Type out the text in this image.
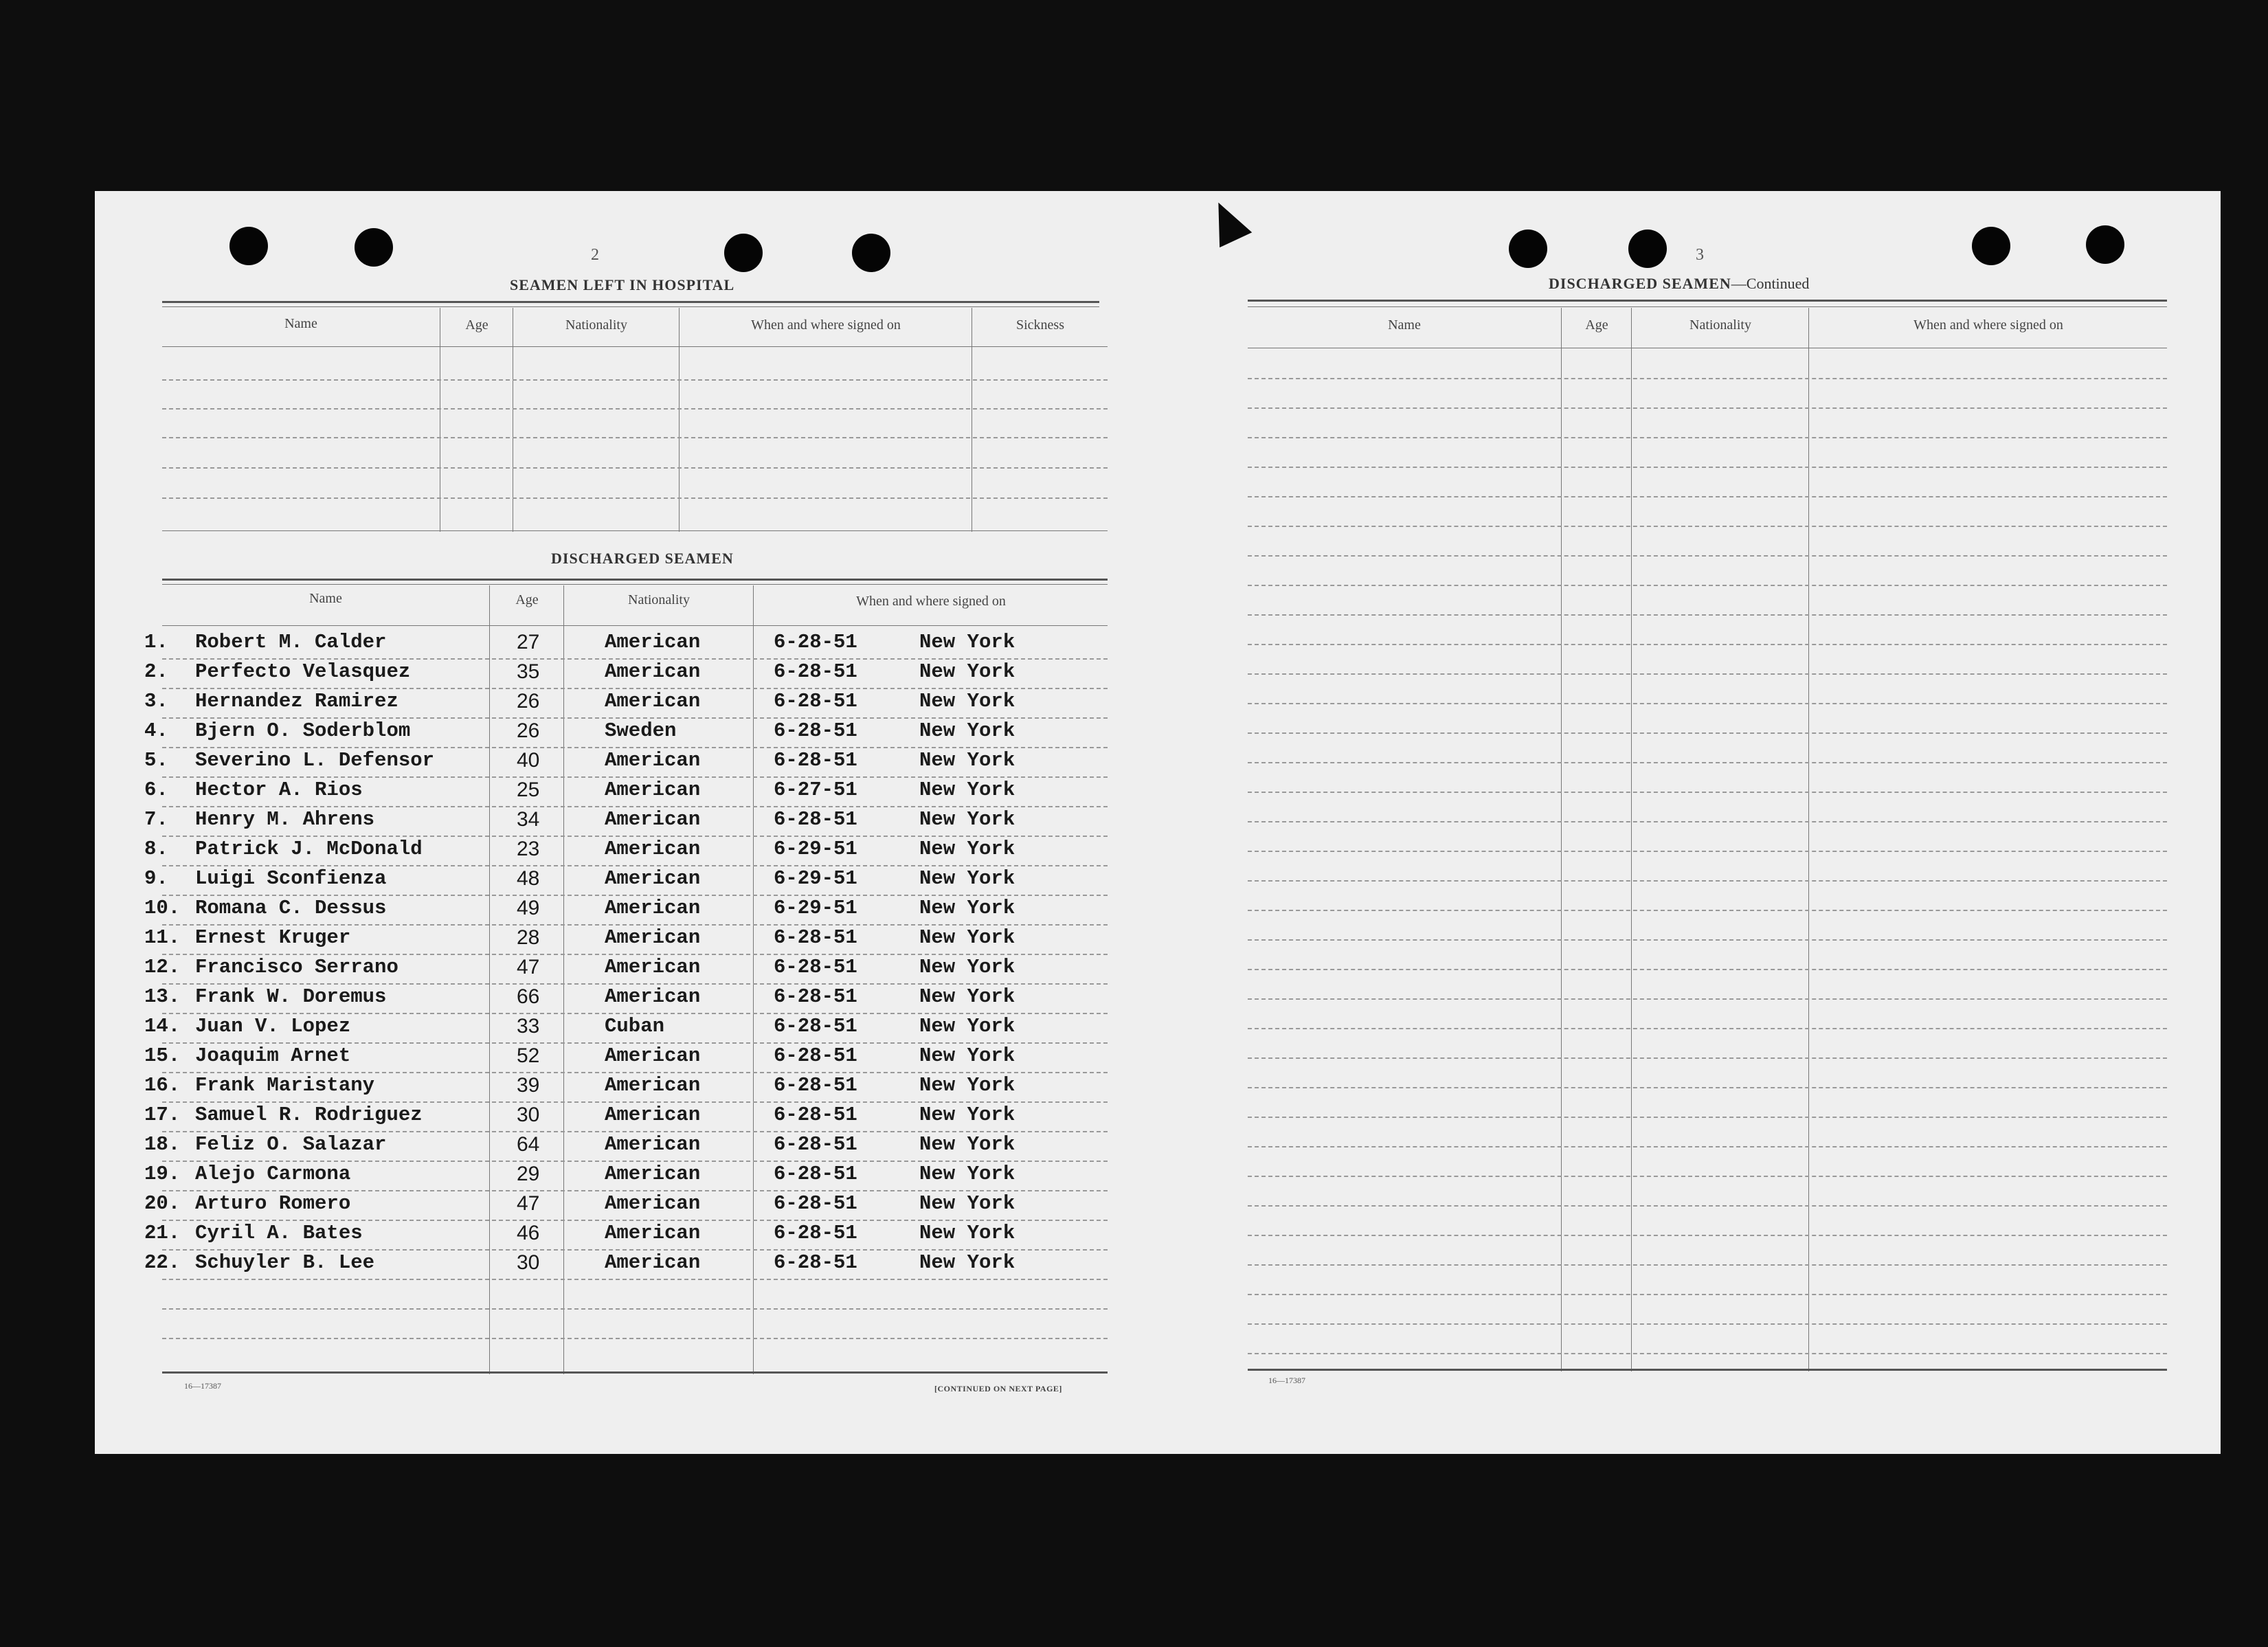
2
SEAMEN LEFT IN HOSPITAL
Name	Age	Nationality	When and where signed on	Sickness
DISCHARGED SEAMEN
Name	Age	Nationality	When and where signed on
1. Robert M. Calder	27	American	6-28-51	New York
2. Perfecto Velasquez	35	American	6-28-51	New York
3. Hernandez Ramirez	26	American	6-28-51	New York
4. Bjern O. Soderblom	26	Sweden	6-28-51	New York
5. Severino L. Defensor	40	American	6-28-51	New York
6. Hector A. Rios	25	American	6-27-51	New York
7. Henry M. Ahrens	34	American	6-28-51	New York
8. Patrick J. McDonald	23	American	6-29-51	New York
9. Luigi Sconfienza	48	American	6-29-51	New York
10. Romana C. Dessus	49	American	6-29-51	New York
11. Ernest Kruger	28	American	6-28-51	New York
12. Francisco Serrano	47	American	6-28-51	New York
13. Frank W. Doremus	66	American	6-28-51	New York
14. Juan V. Lopez	33	Cuban	6-28-51	New York
15. Joaquim Arnet	52	American	6-28-51	New York
16. Frank Maristany	39	American	6-28-51	New York
17. Samuel R. Rodriguez	30	American	6-28-51	New York
18. Feliz O. Salazar	64	American	6-28-51	New York
19. Alejo Carmona	29	American	6-28-51	New York
20. Arturo Romero	47	American	6-28-51	New York
21. Cyril A. Bates	46	American	6-28-51	New York
22. Schuyler B. Lee	30	American	6-28-51	New York
16—17387	[CONTINUED ON NEXT PAGE]
3
DISCHARGED SEAMEN—Continued
Name	Age	Nationality	When and where signed on
16—17387
